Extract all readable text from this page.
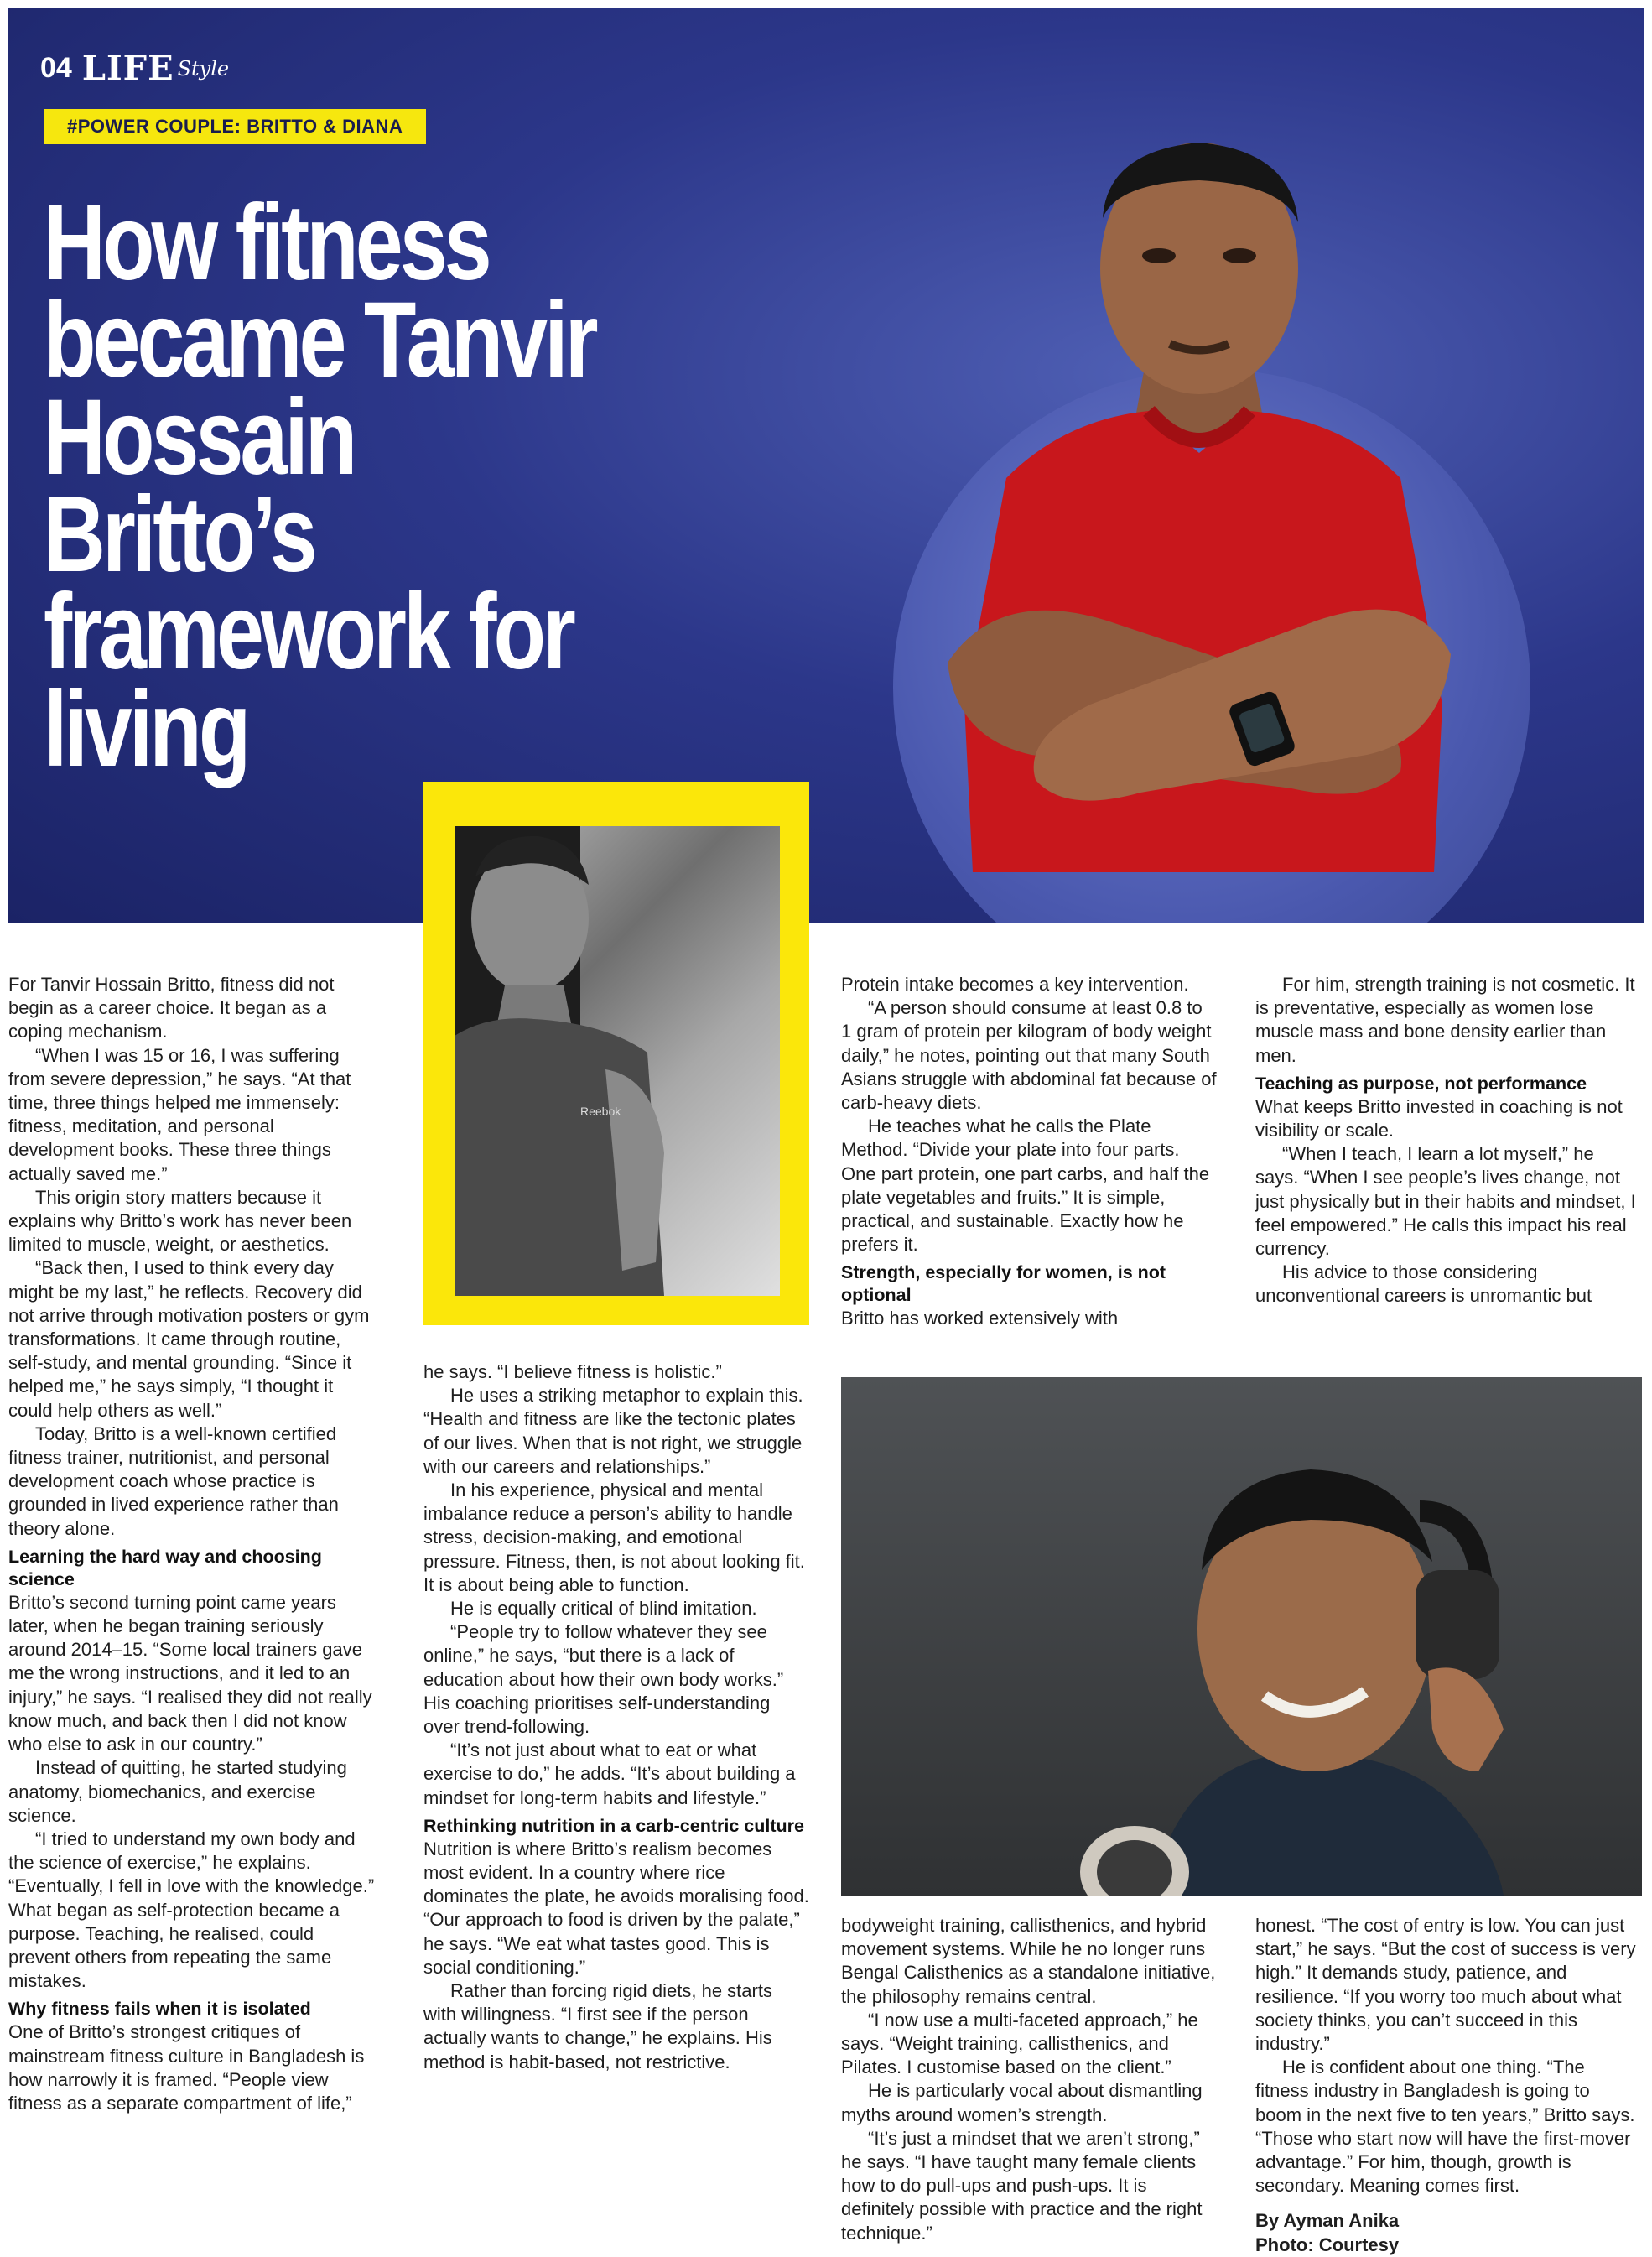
04 LIFE Style
#POWER COUPLE: BRITTO & DIANA
How fitness
became Tanvir
Hossain Britto’s
framework for
living
Reebok

For Tanvir Hossain Britto, fitness did not begin as a career choice. It began as a coping mechanism.

“When I was 15 or 16, I was suffering from severe depression,” he says. “At that time, three things helped me immensely: fitness, meditation, and personal development books. These three things actually saved me.”

This origin story matters because it explains why Britto’s work has never been limited to muscle, weight, or aesthetics.

“Back then, I used to think every day might be my last,” he reflects. Recovery did not arrive through motivation posters or gym transformations. It came through routine, self-study, and mental grounding. “Since it helped me,” he says simply, “I thought it could help others as well.”

Today, Britto is a well-known certified fitness trainer, nutritionist, and personal development coach whose practice is grounded in lived experience rather than theory alone.

Learning the hard way and choosing science

Britto’s second turning point came years later, when he began training seriously around 2014–15. “Some local trainers gave me the wrong instructions, and it led to an injury,” he says. “I realised they did not really know much, and back then I did not know who else to ask in our country.”

Instead of quitting, he started studying anatomy, biomechanics, and exercise science.

“I tried to understand my own body and the science of exercise,” he explains. “Eventually, I fell in love with the knowledge.” What began as self-protection became a purpose. Teaching, he realised, could prevent others from repeating the same mistakes.

Why fitness fails when it is isolated

One of Britto’s strongest critiques of mainstream fitness culture in Bangladesh is how narrowly it is framed. “People view fitness as a separate compartment of life,”

he says. “I believe fitness is holistic.”

He uses a striking metaphor to explain this. “Health and fitness are like the tectonic plates of our lives. When that is not right, we struggle with our careers and relationships.”

In his experience, physical and mental imbalance reduce a person’s ability to handle stress, decision-making, and emotional pressure. Fitness, then, is not about looking fit. It is about being able to function.

He is equally critical of blind imitation.

“People try to follow whatever they see online,” he says, “but there is a lack of education about how their own body works.” His coaching prioritises self-understanding over trend-following.

“It’s not just about what to eat or what exercise to do,” he adds. “It’s about building a mindset for long-term habits and lifestyle.”

Rethinking nutrition in a carb-centric culture

Nutrition is where Britto’s realism becomes most evident. In a country where rice dominates the plate, he avoids moralising food. “Our approach to food is driven by the palate,” he says. “We eat what tastes good. This is social conditioning.”

Rather than forcing rigid diets, he starts with willingness. “I first see if the person actually wants to change,” he explains. His method is habit-based, not restrictive.

Protein intake becomes a key intervention.

“A person should consume at least 0.8 to 1 gram of protein per kilogram of body weight daily,” he notes, pointing out that many South Asians struggle with abdominal fat because of carb-heavy diets.

He teaches what he calls the Plate Method. “Divide your plate into four parts. One part protein, one part carbs, and half the plate vegetables and fruits.” It is simple, practical, and sustainable. Exactly how he prefers it.

Strength, especially for women, is not optional

Britto has worked extensively with

For him, strength training is not cosmetic. It is preventative, especially as women lose muscle mass and bone density earlier than men.

Teaching as purpose, not performance

What keeps Britto invested in coaching is not visibility or scale.

“When I teach, I learn a lot myself,” he says. “When I see people’s lives change, not just physically but in their habits and mindset, I feel empowered.” He calls this impact his real currency.

His advice to those considering unconventional careers is unromantic but

bodyweight training, callisthenics, and hybrid movement systems. While he no longer runs Bengal Calisthenics as a standalone initiative, the philosophy remains central.

“I now use a multi-faceted approach,” he says. “Weight training, callisthenics, and Pilates. I customise based on the client.”

He is particularly vocal about dismantling myths around women’s strength.

“It’s just a mindset that we aren’t strong,” he says. “I have taught many female clients how to do pull-ups and push-ups. It is definitely possible with practice and the right technique.”

honest. “The cost of entry is low. You can just start,” he says. “But the cost of success is very high.” It demands study, patience, and resilience. “If you worry too much about what society thinks, you can’t succeed in this industry.”

He is confident about one thing. “The fitness industry in Bangladesh is going to boom in the next five to ten years,” Britto says. “Those who start now will have the first-mover advantage.” For him, though, growth is secondary. Meaning comes first.

By Ayman Anika

Photo: Courtesy
